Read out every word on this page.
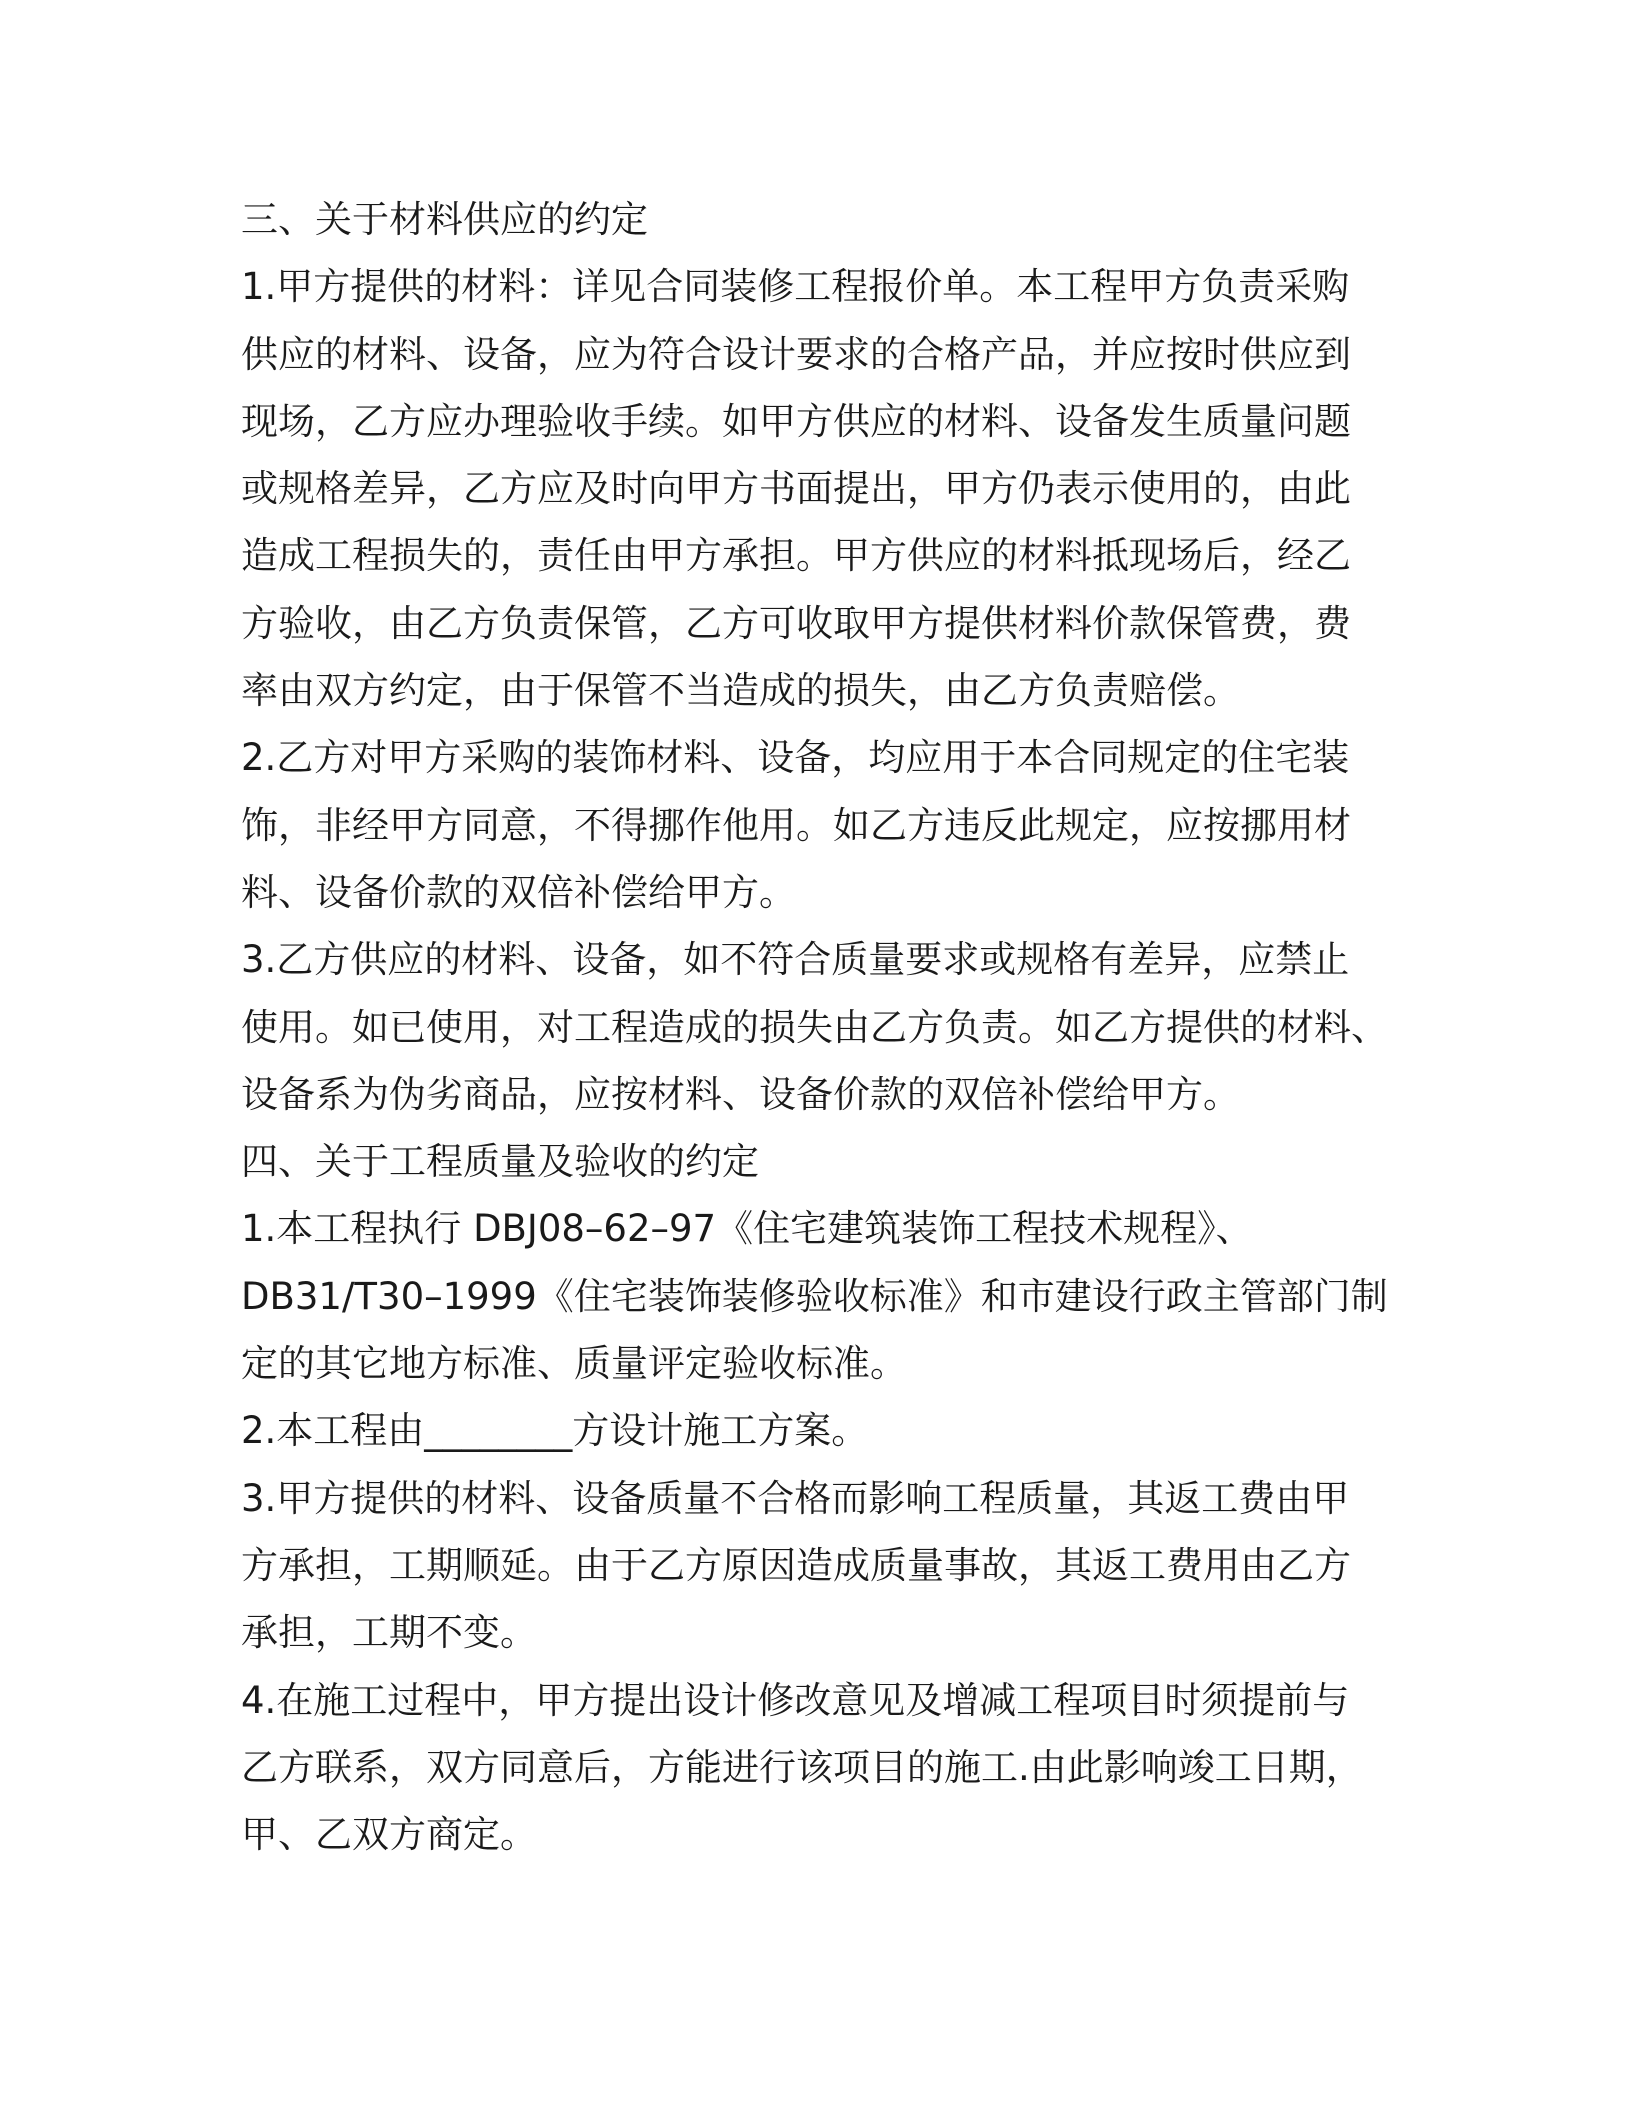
三、关于材料供应的约定
1.甲方提供的材料：详见合同装修工程报价单。本工程甲方负责采购
供应的材料、设备，应为符合设计要求的合格产品，并应按时供应到
现场，乙方应办理验收手续。如甲方供应的材料、设备发生质量问题
或规格差异，乙方应及时向甲方书面提出，甲方仍表示使用的，由此
造成工程损失的，责任由甲方承担。甲方供应的材料抵现场后，经乙
方验收，由乙方负责保管，乙方可收取甲方提供材料价款保管费，费
率由双方约定，由于保管不当造成的损失，由乙方负责赔偿。
2.乙方对甲方采购的装饰材料、设备，均应用于本合同规定的住宅装
饰，非经甲方同意，不得挪作他用。如乙方违反此规定，应按挪用材
料、设备价款的双倍补偿给甲方。
3.乙方供应的材料、设备，如不符合质量要求或规格有差异，应禁止
使用。如已使用，对工程造成的损失由乙方负责。如乙方提供的材料、
设备系为伪劣商品，应按材料、设备价款的双倍补偿给甲方。
四、关于工程质量及验收的约定
1.本工程执行 DBJ08–62–97《住宅建筑装饰工程技术规程》、
DB31/T30–1999《住宅装饰装修验收标准》和市建设行政主管部门制
定的其它地方标准、质量评定验收标准。
2.本工程由________方设计施工方案。
3.甲方提供的材料、设备质量不合格而影响工程质量，其返工费由甲
方承担，工期顺延。由于乙方原因造成质量事故，其返工费用由乙方
承担，工期不变。
4.在施工过程中，甲方提出设计修改意见及增减工程项目时须提前与
乙方联系，双方同意后，方能进行该项目的施工.由此影响竣工日期，
甲、乙双方商定。
